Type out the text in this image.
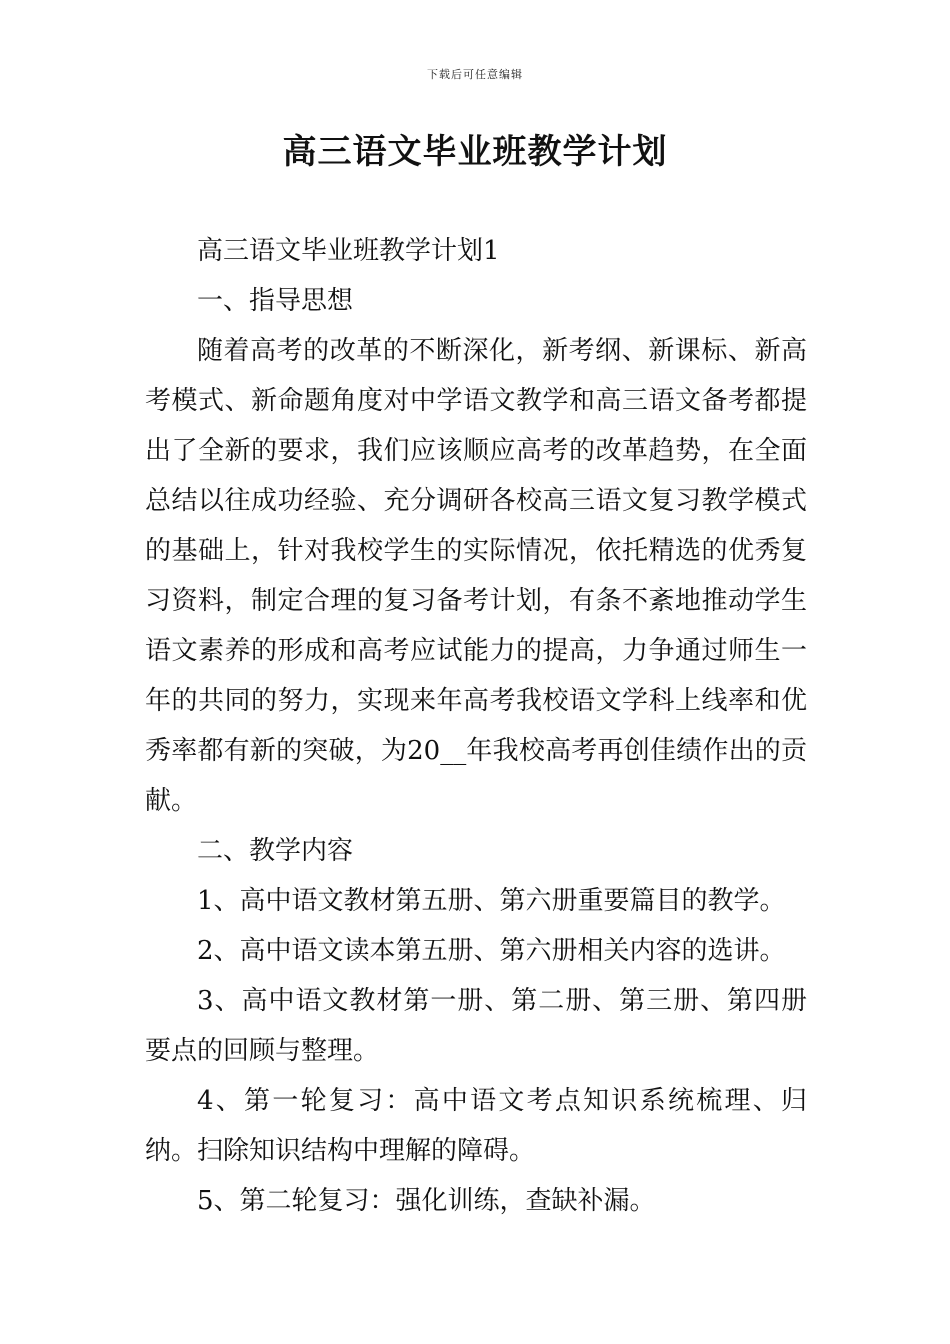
下载后可任意编辑
高三语文毕业班教学计划

高三语文毕业班教学计划1

一、指导思想

随着高考的改革的不断深化，新考纲、新课标、新高考模式、新命题角度对中学语文教学和高三语文备考都提出了全新的要求，我们应该顺应高考的改革趋势，在全面总结以往成功经验、充分调研各校高三语文复习教学模式的基础上，针对我校学生的实际情况，依托精选的优秀复习资料，制定合理的复习备考计划，有条不紊地推动学生语文素养的形成和高考应试能力的提高，力争通过师生一年的共同的努力，实现来年高考我校语文学科上线率和优秀率都有新的突破，为20__年我校高考再创佳绩作出的贡献。

二、教学内容

1、高中语文教材第五册、第六册重要篇目的教学。

2、高中语文读本第五册、第六册相关内容的选讲。

3、高中语文教材第一册、第二册、第三册、第四册要点的回顾与整理。

4、第一轮复习：高中语文考点知识系统梳理、归纳。扫除知识结构中理解的障碍。

5、第二轮复习：强化训练，查缺补漏。
